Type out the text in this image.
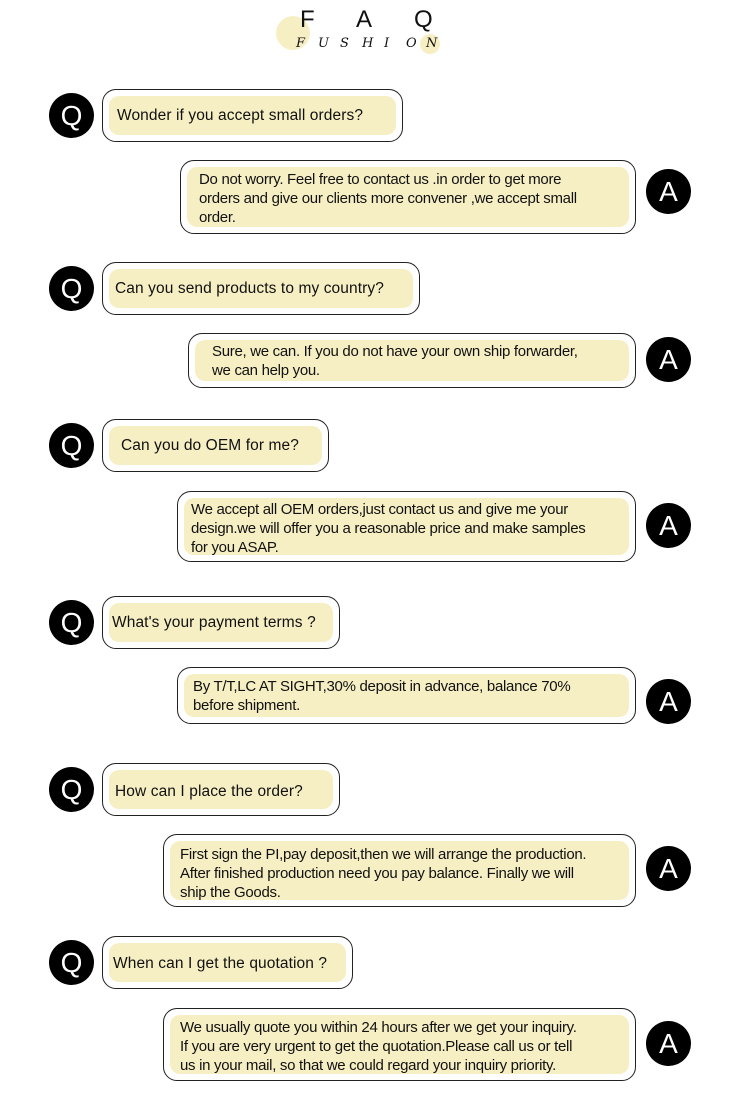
F A Q
F U S H I O N
Q	Wonder if you accept small orders?
Do not worry. Feel free to contact us .in order to get more
orders and give our clients more convener ,we accept small
order.
A
Q	Can you send products to my country?
Sure, we can. If you do not have your own ship forwarder,
we can help you.	A
Q	Can you do OEM for me?
We accept all OEM orders,just contact us and give me your
design.we will offer you a reasonable price and make samples
for you ASAP.
A
Q	What's your payment terms ?
By T/T,LC AT SIGHT,30% deposit in advance, balance 70%
before shipment.	A
Q	How can I place the order?
First sign the PI,pay deposit,then we will arrange the production.
After finished production need you pay balance. Finally we will
ship the Goods.
A
Q	When can I get the quotation ?
We usually quote you within 24 hours after we get your inquiry.
If you are very urgent to get the quotation.Please call us or tell
us in your mail, so that we could regard your inquiry priority.
A
